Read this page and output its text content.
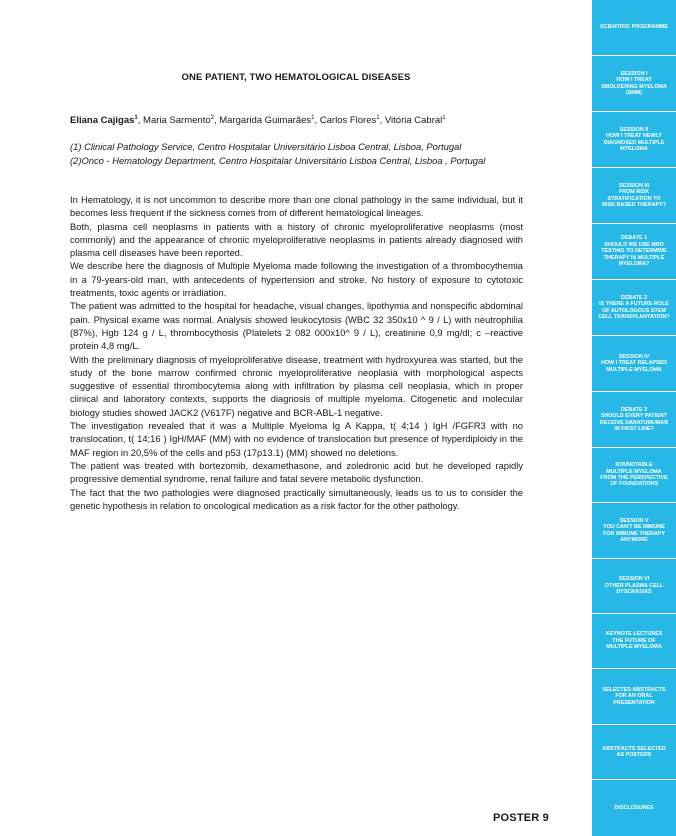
ONE PATIENT, TWO HEMATOLOGICAL DISEASES
Eliana Cajigas$^1$, Maria Sarmento$^2$, Margarida Guimarães$^1$, Carlos Flores$^1$, Vitória Cabral$^1$
(1) Clinical Pathology Service, Centro Hospitalar Universitário Lisboa Central, Lisboa, Portugal
(2)Onco - Hematology Department, Centro Hospitalar Universitário Lisboa Central, Lisboa , Portugal

In Hematology, it is not uncommon to describe more than one clonal pathology in the same individual, but it becomes less frequent if the sickness comes from of different hematological lineages.

Both, plasma cell neoplasms in patients with a history of chronic myeloproliferative neoplasms (most commonly) and the appearance of chronic myeloproliferative neoplasms in patients already diagnosed with plasma cell diseases have been reported.

We describe here the diagnosis of Multiple Myeloma made following the investigation of a thrombocythemia in a 79-years-old man, with antecedents of hypertension and stroke. No history of exposure to cytotoxic treatments, toxic agents or irradiation.

The patient was admitted to the hospital for headache, visual changes, lipothymia and nonspecific abdominal pain. Physical exame was normal. Analysis showed leukocytosis (WBC 32 350x10 ^ 9 / L) with neutrophilia (87%), Hgb 124 g / L, thrombocythosis (Platelets 2 082 000x10^ 9 / L), creatinine 0,9 mg/dl; c –reactive protein 4,8 mg/L.

With the preliminary diagnosis of myeloproliferative disease, treatment with hydroxyurea was started, but the study of the bone marrow confirmed chronic myeloproliferative neoplasia with morphological aspects suggestive of essential thrombocytemia along with infiltration by plasma cell neoplasia, which in proper clinical and laboratory contexts, supports the diagnosis of multiple myeloma. Citogenetic and molecular biology studies showed JACK2 (V617F) negative and BCR-ABL-1 negative.

The investigation revealed that it was a Multiple Myeloma Ig A Kappa, t( 4;14 ) IgH /FGFR3 with no translocation, t( 14;16 ) IgH/MAF (MM) with no evidence of translocation but presence of hyperdiploidy in the MAF region in 20,5% of the cells and p53 (17p13.1) (MM) showed no deletions.

The patient was treated with bortezomib, dexamethasone, and zoledronic acid but he developed rapidly progressive demential syndrome, renal failure and fatal severe metabolic dysfunction.

The fact that the two pathologies were diagnosed practically simultaneously, leads us to us to consider the genetic hypothesis in relation to oncological medication as a risk factor for the other pathology.

POSTER 9
SCIENTIFIC PROGRAMME
SESSION I
HOW I TREAT
SMOLDERING MYELOMA
(SMM)
SESSION II
HOW I TREAT NEWLY
DIAGNOSED MULTIPLE
MYELOMA
SESSION III
FROM RISK
STRATIFICATION TO
RISK-BASED THERAPY?
DEBATE 1
SHOULD WE USE MRD
TESTING TO DETERMINE
THERAPY IN MULTIPLE
MYELOMA?
DEBATE 2
IS THERE A FUTURE ROLE
OF AUTOLOGOUS STEM
CELL TRANSPLANTATION?
SESSION IV
HOW I TREAT RELAPSED
MULTIPLE MYELOMA
DEBATE 3
SHOULD EVERY PATIENT
RECEIVE DARATUMUMAB
IN FIRST LINE?
ROUNDTABLE
MULTIPLE MYELOMA
FROM THE PERSPECTIVE
OF FOUNDATIONS
SESSION V
YOU CAN'T BE IMMUNE
FOR IMMUNE THERAPY
ANYMORE
SESSION VI
OTHER PLASMA CELL
DYSCRASIAS
KEYNOTE LECTURES
THE FUTURE OF
MULTIPLE MYELOMA
SELECTED ABSTRACTS
FOR AN ORAL
PRESENTATION
ABSTRACTS SELECTED
AS POSTERS
DISCLOSURES
